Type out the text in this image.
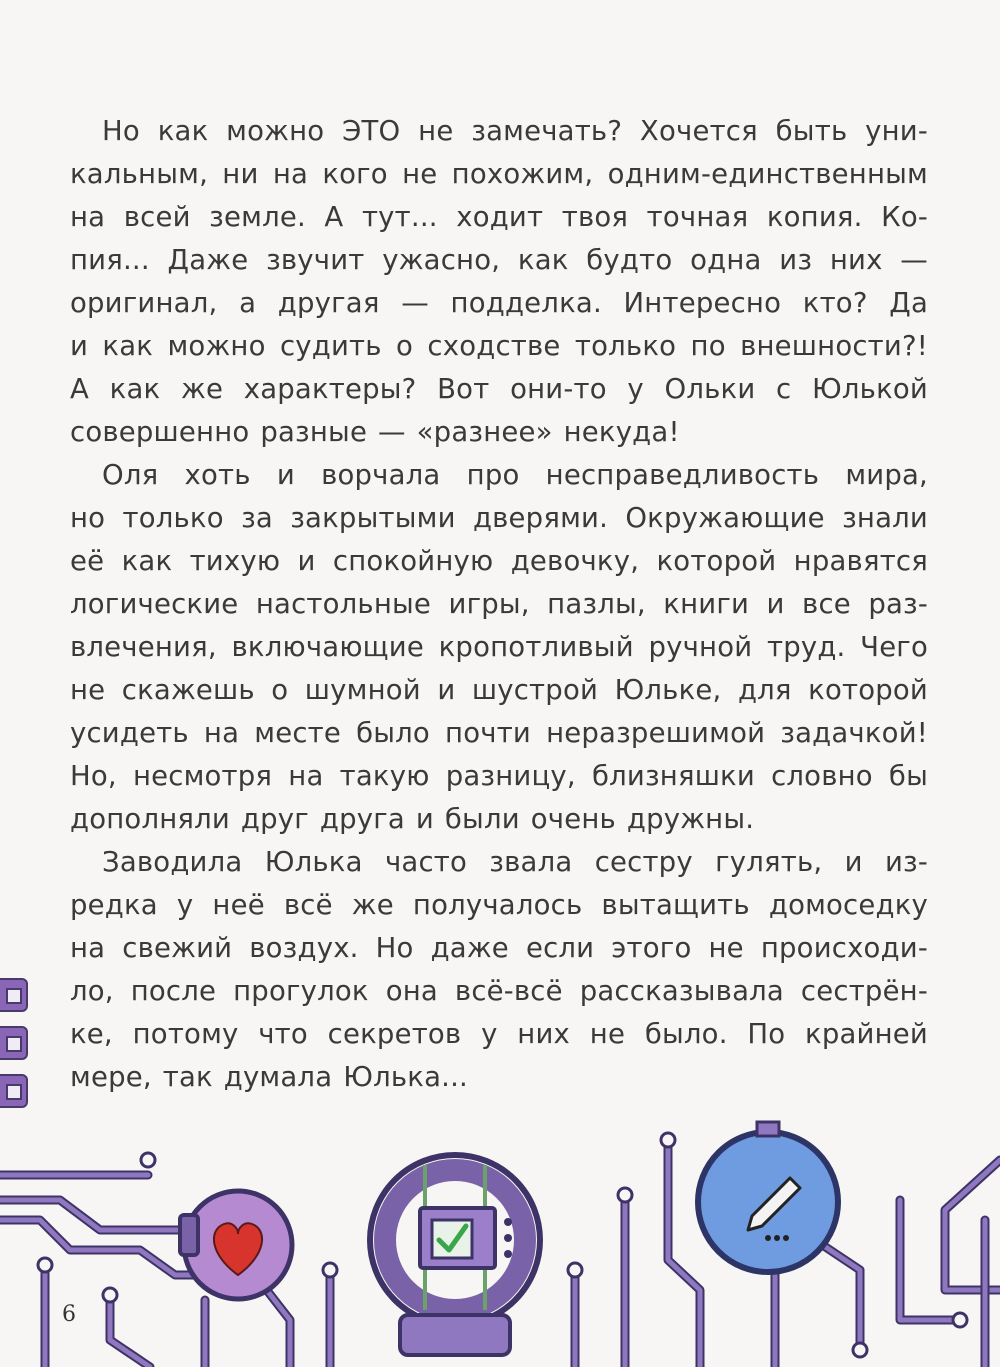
Но как можно ЭТО не замечать? Хочется быть уни-
кальным, ни на кого не похожим, одним-единственным
на всей земле. А тут... ходит твоя точная копия. Ко-
пия... Даже звучит ужасно, как будто одна из них —
оригинал, а другая — подделка. Интересно кто? Да
и как можно судить о сходстве только по внешности?!
А как же характеры? Вот они-то у Ольки с Юлькой
совершенно разные — «разнее» некуда!
Оля хоть и ворчала про несправедливость мира,
но только за закрытыми дверями. Окружающие знали
её как тихую и спокойную девочку, которой нравятся
логические настольные игры, пазлы, книги и все раз-
влечения, включающие кропотливый ручной труд. Чего
не скажешь о шумной и шустрой Юльке, для которой
усидеть на месте было почти неразрешимой задачкой!
Но, несмотря на такую разницу, близняшки словно бы
дополняли друг друга и были очень дружны.
Заводила Юлька часто звала сестру гулять, и из-
редка у неё всё же получалось вытащить домоседку
на свежий воздух. Но даже если этого не происходи-
ло, после прогулок она всё-всё рассказывала сестрён-
ке, потому что секретов у них не было. По крайней
мере, так думала Юлька...
6
